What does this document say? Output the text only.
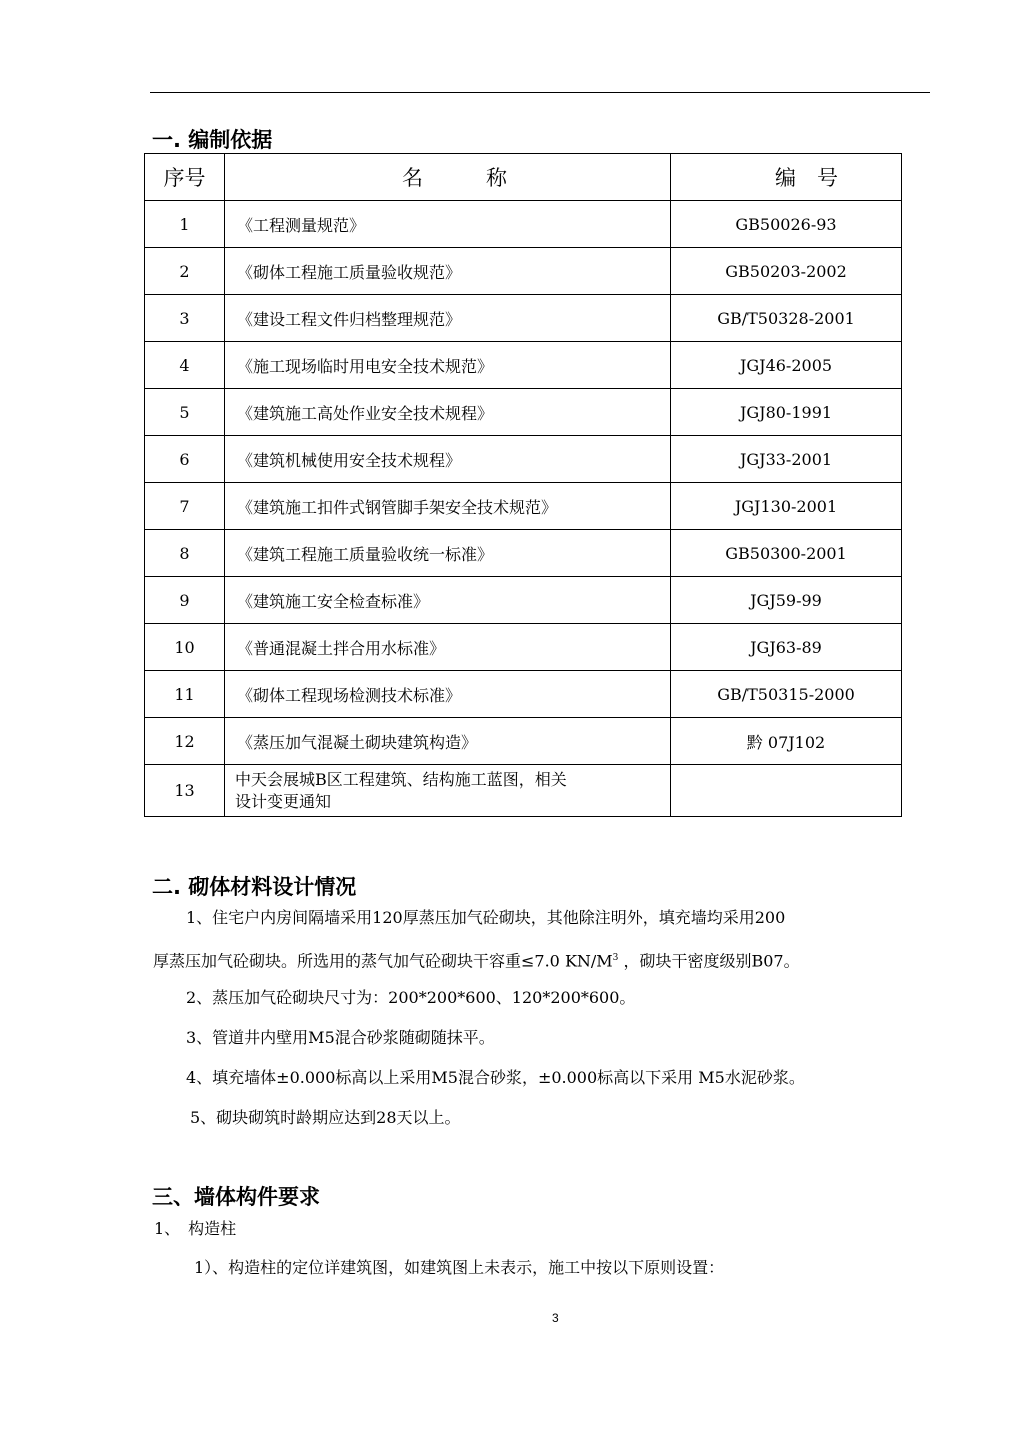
一. 编制依据
序号	名　　　称	编　号
1	《工程测量规范》	GB50026-93
2	《砌体工程施工质量验收规范》	GB50203-2002
3	《建设工程文件归档整理规范》	GB/T50328-2001
4	《施工现场临时用电安全技术规范》	JGJ46-2005
5	《建筑施工高处作业安全技术规程》	JGJ80-1991
6	《建筑机械使用安全技术规程》	JGJ33-2001
7	《建筑施工扣件式钢管脚手架安全技术规范》	JGJ130-2001
8	《建筑工程施工质量验收统一标准》	GB50300-2001
9	《建筑施工安全检查标准》	JGJ59-99
10	《普通混凝土拌合用水标准》	JGJ63-89
11	《砌体工程现场检测技术标准》	GB/T50315-2000
12	《蒸压加气混凝土砌块建筑构造》	黔 07J102
13	中天会展城B区工程建筑、结构施工蓝图，相关
设计变更通知	

二. 砌体材料设计情况
1、住宅户内房间隔墙采用120厚蒸压加气砼砌块，其他除注明外，填充墙均采用200
厚蒸压加气砼砌块。所选用的蒸气加气砼砌块干容重≤7.0 $KN/M^3$ ，砌块干密度级别B07。
2、蒸压加气砼砌块尺寸为：200*200*600、120*200*600。
3、管道井内壁用M5混合砂浆随砌随抹平。
4、填充墙体±0.000标高以上采用M5混合砂浆，±0.000标高以下采用 M5水泥砂浆。
5、砌块砌筑时龄期应达到28天以上。
三、墙体构件要求
1、　构造柱
1）、构造柱的定位详建筑图，如建筑图上未表示，施工中按以下原则设置：
3
